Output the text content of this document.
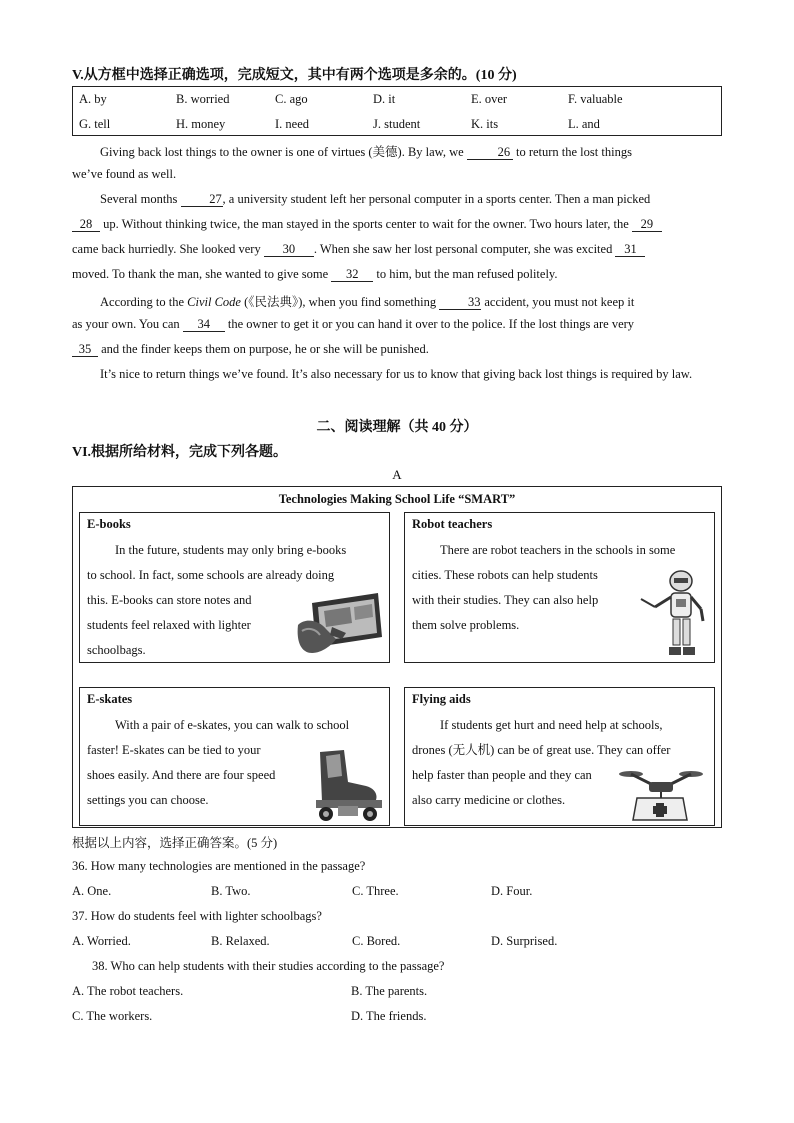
V.从方框中选择正确选项，完成短文，其中有两个选项是多余的。(10 分)
A. by	B. worried	C. ago	D. it	E. over	F. valuable
G. tell	H. money	I. need	J. student	K. its	L. and
Giving back lost things to the owner is one of virtues (美德). By law, we	26 to return the lost things
we’ve found as well.
Several months	27, a university student left her personal computer in a sports center. Then a man picked
28 up. Without thinking twice, the man stayed in the sports center to wait for the owner. Two hours later, the 29
came back hurriedly. She looked very 30 . When she saw her lost personal computer, she was excited 31
moved. To thank the man, she wanted to give some 32 to him, but the man refused politely.
According to the Civil Code (《民法典》), when you find something	33 accident, you must not keep it
as your own. You can 34 the owner to get it or you can hand it over to the police. If the lost things are very
35 and the finder keeps them on purpose, he or she will be punished.
It’s nice to return things we’ve found. It’s also necessary for us to know that giving back lost things is required by law.
二、阅读理解（共 40 分）
VI.根据所给材料，完成下列各题。
A
Technologies Making School Life “SMART”
E-books
In the future, students may only bring e-books
to school. In fact, some schools are already doing
this. E-books can store notes and
students feel relaxed with lighter
schoolbags.
Robot teachers
There are robot teachers in the schools in some
cities. These robots can help students
with their studies. They can also help
them solve problems.
E-skates
With a pair of e-skates, you can walk to school
faster! E-skates can be tied to your
shoes easily. And there are four speed
settings you can choose.
Flying aids
If students get hurt and need help at schools,
drones (无人机) can be of great use. They can offer
help faster than people and they can
also carry medicine or clothes.
根据以上内容，选择正确答案。(5 分)
36. How many technologies are mentioned in the passage?
A. One.	B. Two.	C. Three.	D. Four.
37. How do students feel with lighter schoolbags?
A. Worried.	B. Relaxed.	C. Bored.	D. Surprised.
38. Who can help students with their studies according to the passage?
A. The robot teachers.	B. The parents.
C. The workers.	D. The friends.
